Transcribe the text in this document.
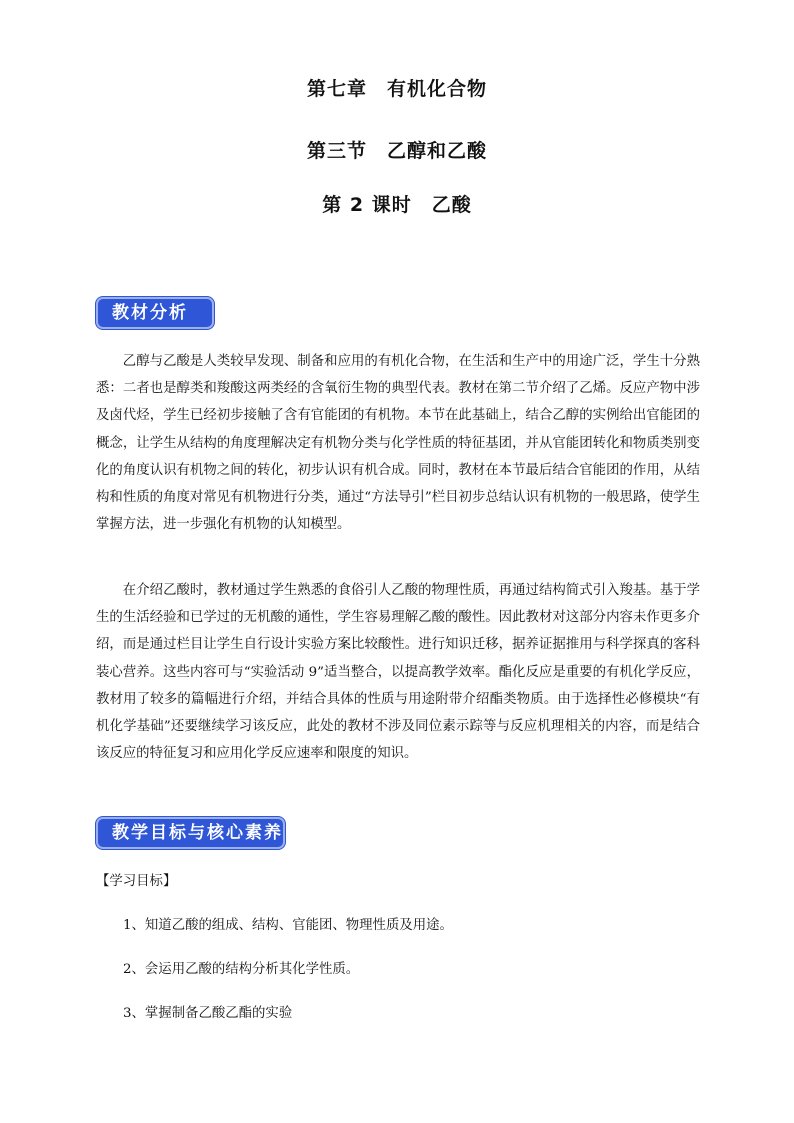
第七章　有机化合物
第三节　乙醇和乙酸
第 2 课时　乙酸
教材分析

乙醇与乙酸是人类较早发现、制备和应用的有机化合物，在生活和生产中的用途广泛，学生十分熟悉：二者也是醇类和羧酸这两类经的含氧衍生物的典型代表。教材在第二节介绍了乙烯。反应产物中涉及卤代烃，学生已经初步接触了含有官能团的有机物。本节在此基础上，结合乙醇的实例给出官能团的概念，让学生从结构的角度理解决定有机物分类与化学性质的特征基团，并从官能团转化和物质类别变化的角度认识有机物之间的转化，初步认识有机合成。同时，教材在本节最后结合官能团的作用，从结构和性质的角度对常见有机物进行分类，通过“方法导引”栏目初步总结认识有机物的一般思路，使学生掌握方法，进一步强化有机物的认知模型。

在介绍乙酸时，教材通过学生熟悉的食俗引人乙酸的物理性质，再通过结构简式引入羧基。基于学生的生活经验和已学过的无机酸的通性，学生容易理解乙酸的酸性。因此教材对这部分内容未作更多介绍，而是通过栏目让学生自行设计实验方案比较酸性。进行知识迁移，据养证据推用与科学探真的客科装心营养。这些内容可与“实验活动 9”适当整合，以提高教学效率。酯化反应是重要的有机化学反应，教材用了较多的篇幅进行介绍，并结合具体的性质与用途附带介绍酯类物质。由于选择性必修模块“有机化学基础”还要继续学习该反应，此处的教材不涉及同位素示踪等与反应机理相关的内容，而是结合该反应的特征复习和应用化学反应速率和限度的知识。

教学目标与核心素养
【学习目标】
1、知道乙酸的组成、结构、官能团、物理性质及用途。
2、会运用乙酸的结构分析其化学性质。
3、掌握制备乙酸乙酯的实验
